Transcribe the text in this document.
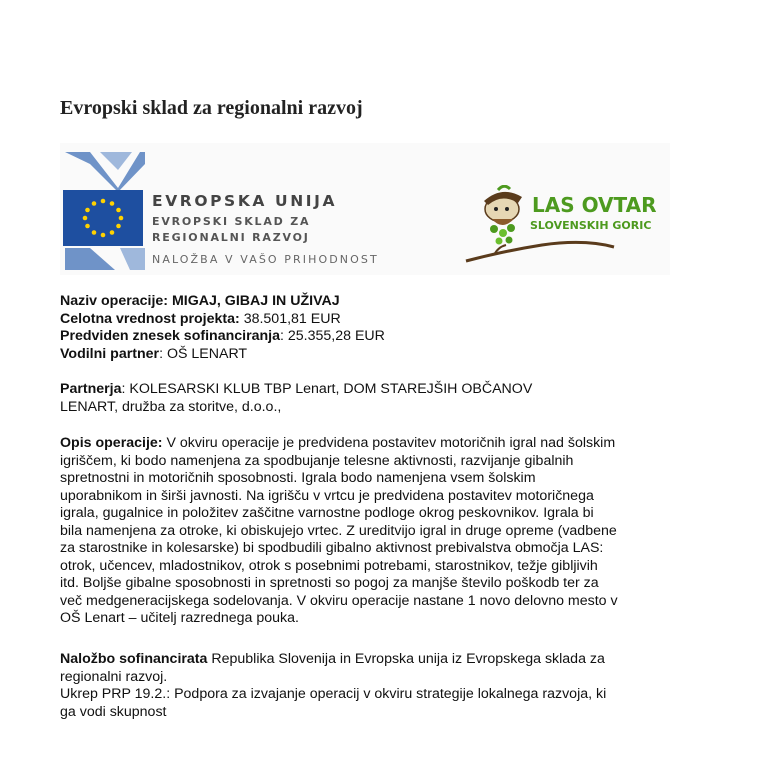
Evropski sklad za regionalni razvoj
EVROPSKA UNIJA
EVROPSKI SKLAD ZA
REGIONALNI RAZVOJ
NALOŽBA V VAŠO PRIHODNOST
LAS OVTAR
SLOVENSKIH GORIC
Naziv operacije: MIGAJ, GIBAJ IN UŽIVAJ
Celotna vrednost projekta: 38.501,81 EUR
Predviden znesek sofinanciranja: 25.355,28 EUR
Vodilni partner: OŠ LENART
Partnerja: KOLESARSKI KLUB TBP Lenart, DOM STAREJŠIH OBČANOV
LENART, družba za storitve, d.o.o.,
Opis operacije: V okviru operacije je predvidena postavitev motoričnih igral nad šolskim
igriščem, ki bodo namenjena za spodbujanje telesne aktivnosti, razvijanje gibalnih
spretnostni in motoričnih sposobnosti. Igrala bodo namenjena vsem šolskim
uporabnikom in širši javnosti. Na igrišču v vrtcu je predvidena postavitev motoričnega
igrala, gugalnice in položitev zaščitne varnostne podloge okrog peskovnikov. Igrala bi
bila namenjena za otroke, ki obiskujejo vrtec. Z ureditvijo igral in druge opreme (vadbene
za starostnike in kolesarske) bi spodbudili gibalno aktivnost prebivalstva območja LAS:
otrok, učencev, mladostnikov, otrok s posebnimi potrebami, starostnikov, težje gibljivih
itd. Boljše gibalne sposobnosti in spretnosti so pogoj za manjše število poškodb ter za
več medgeneracijskega sodelovanja. V okviru operacije nastane 1 novo delovno mesto v
OŠ Lenart – učitelj razrednega pouka.
Naložbo sofinancirata Republika Slovenija in Evropska unija iz Evropskega sklada za
regionalni razvoj.
Ukrep PRP 19.2.: Podpora za izvajanje operacij v okviru strategije lokalnega razvoja, ki
ga vodi skupnost
